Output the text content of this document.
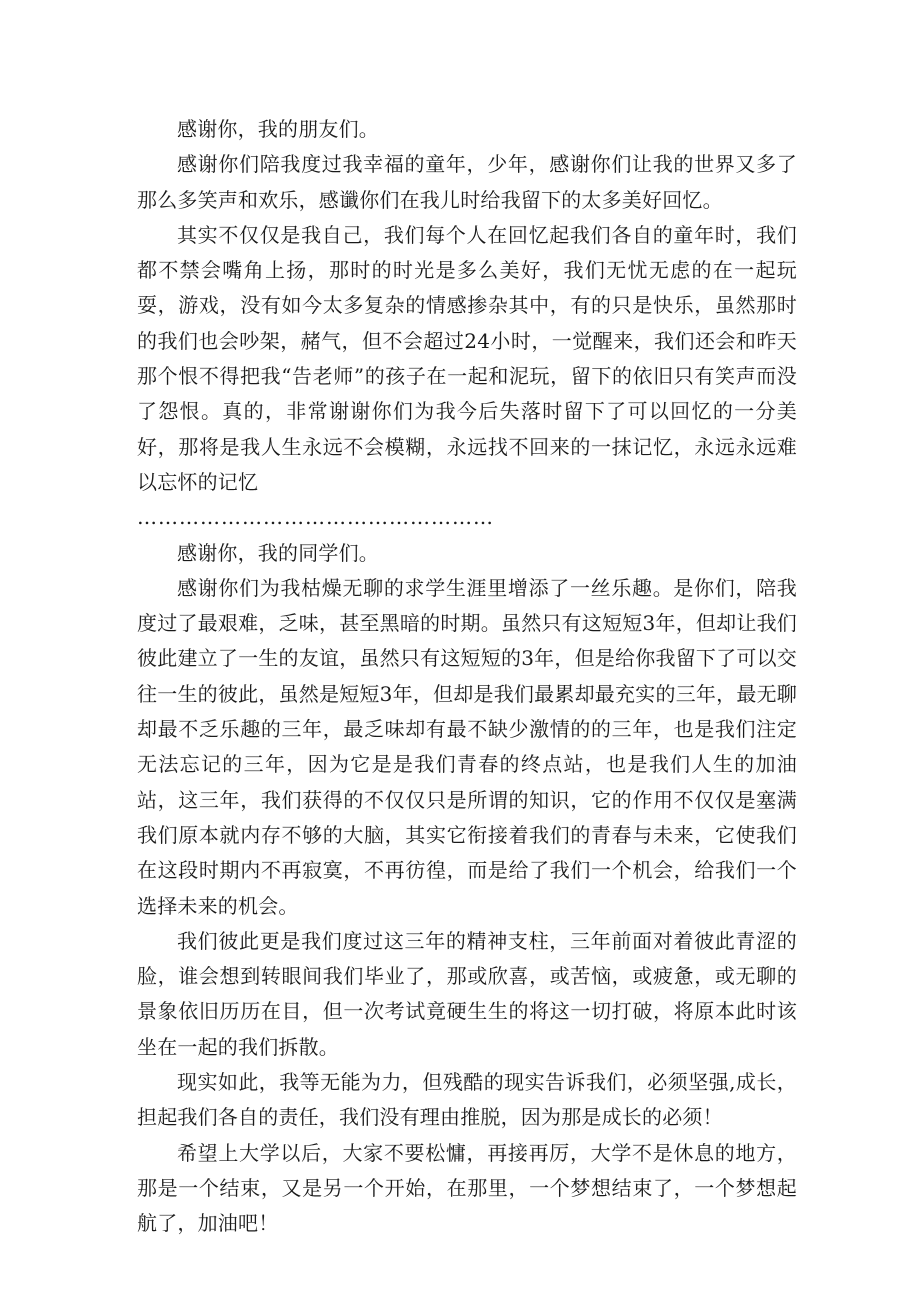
感谢你，我的朋友们。

感谢你们陪我度过我幸福的童年，少年，感谢你们让我的世界又多了那么多笑声和欢乐，感谶你们在我儿时给我留下的太多美好回忆。

其实不仅仅是我自己，我们每个人在回忆起我们各自的童年时，我们都不禁会嘴角上扬，那时的时光是多么美好，我们无忧无虑的在一起玩耍，游戏，没有如今太多复杂的情感掺杂其中，有的只是快乐，虽然那时的我们也会吵架，赭气，但不会超过24小时，一觉醒来，我们还会和昨天那个恨不得把我“告老师”的孩子在一起和泥玩，留下的依旧只有笑声而没了怨恨。真的，非常谢谢你们为我今后失落时留下了可以回忆的一分美好，那将是我人生永远不会模糊，永远找不回来的一抹记忆，永远永远难以忘怀的记忆

……………………………………………

感谢你，我的同学们。

感谢你们为我枯燥无聊的求学生涯里增添了一丝乐趣。是你们，陪我度过了最艰难，乏味，甚至黑暗的时期。虽然只有这短短3年，但却让我们彼此建立了一生的友谊，虽然只有这短短的3年，但是给你我留下了可以交往一生的彼此，虽然是短短3年，但却是我们最累却最充实的三年，最无聊却最不乏乐趣的三年，最乏味却有最不缺少激情的的三年，也是我们注定无法忘记的三年，因为它是是我们青春的终点站，也是我们人生的加油站，这三年，我们获得的不仅仅只是所谓的知识，它的作用不仅仅是塞满我们原本就内存不够的大脑，其实它衔接着我们的青春与未来，它使我们在这段时期内不再寂寞，不再彷徨，而是给了我们一个机会，给我们一个选择未来的机会。

我们彼此更是我们度过这三年的精神支柱，三年前面对着彼此青涩的脸，谁会想到转眼间我们毕业了，那或欣喜，或苦恼，或疲惫，或无聊的景象依旧历历在目，但一次考试竟硬生生的将这一切打破，将原本此时该坐在一起的我们拆散。

现实如此，我等无能为力，但残酷的现实告诉我们，必须坚强,成长，担起我们各自的责任，我们没有理由推脱，因为那是成长的必须！

希望上大学以后，大家不要松慵，再接再厉，大学不是休息的地方，那是一个结束，又是另一个开始，在那里，一个梦想结束了，一个梦想起航了，加油吧！
